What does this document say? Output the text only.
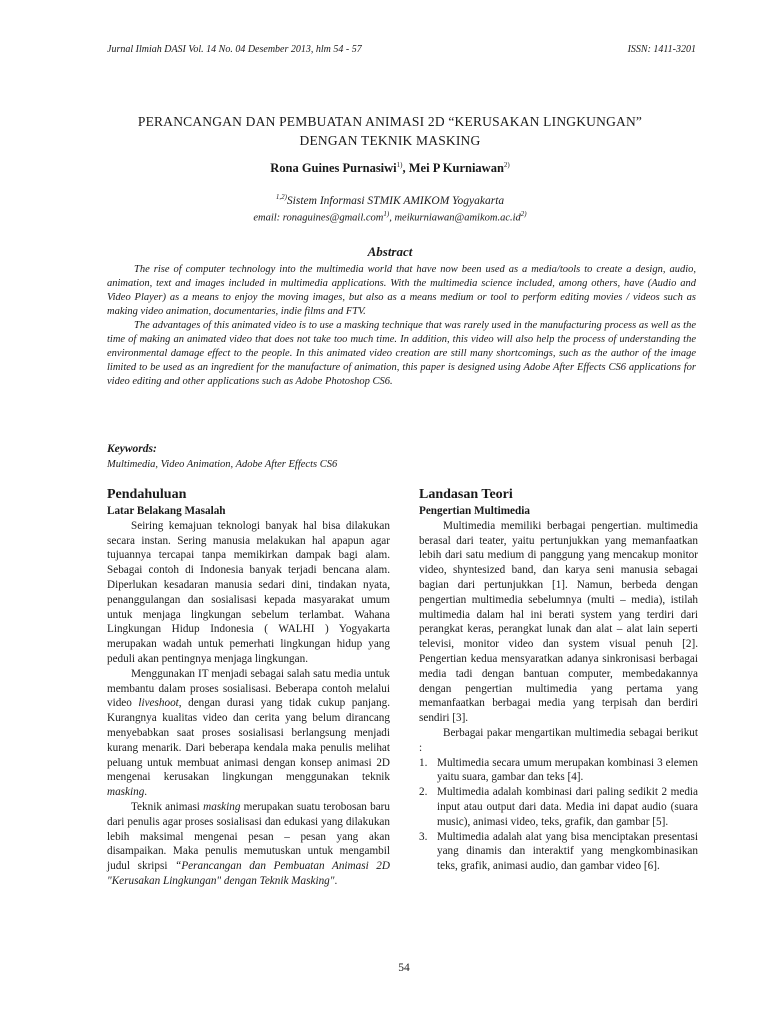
Jurnal Ilmiah DASI Vol. 14 No. 04 Desember 2013, hlm 54 - 57	ISSN: 1411-3201
PERANCANGAN DAN PEMBUATAN ANIMASI 2D “KERUSAKAN LINGKUNGAN”
DENGAN TEKNIK MASKING
Rona Guines Purnasiwi$^{1)}$, Mei P Kurniawan$^{2)}$
$^{1,2)}$Sistem Informasi STMIK AMIKOM Yogyakarta
email: ronaguines@gmail.com$^{1)}$, $meikurniawan@amikom.ac.id^{2)}$
Abstract

The rise of computer technology into the multimedia world that have now been used as a media/tools to create a design, audio, animation, text and images included in multimedia applications. With the multimedia science included, among others, have (Audio and Video Player) as a means to enjoy the moving images, but also as a means medium or tool to perform editing movies / videos such as making video animation, documentaries, indie films and FTV.

The advantages of this animated video is to use a masking technique that was rarely used in the manufacturing process as well as the time of making an animated video that does not take too much time. In addition, this video will also help the process of understanding the environmental damage effect to the people. In this animated video creation are still many shortcomings, such as the author of the image limited to be used as an ingredient for the manufacture of animation, this paper is designed using Adobe After Effects CS6 applications for video editing and other applications such as Adobe Photoshop CS6.

Keywords:
Multimedia, Video Animation, Adobe After Effects CS6
Pendahuluan
Latar Belakang Masalah

Seiring kemajuan teknologi banyak hal bisa dilakukan secara instan. Sering manusia melakukan hal apapun agar tujuannya tercapai tanpa memikirkan dampak bagi alam. Sebagai contoh di Indonesia banyak terjadi bencana alam. Diperlukan kesadaran manusia sedari dini, tindakan nyata, penanggulangan dan sosialisasi kepada masyarakat umum untuk menjaga lingkungan sebelum terlambat. Wahana Lingkungan Hidup Indonesia ( WALHI ) Yogyakarta merupakan wadah untuk pemerhati lingkungan hidup yang peduli akan pentingnya menjaga lingkungan.

Menggunakan IT menjadi sebagai salah satu media untuk membantu dalam proses sosialisasi. Beberapa contoh melalui video liveshoot, dengan durasi yang tidak cukup panjang. Kurangnya kualitas video dan cerita yang belum dirancang menyebabkan saat proses sosialisasi berlangsung menjadi kurang menarik. Dari beberapa kendala maka penulis melihat peluang untuk membuat animasi dengan konsep animasi 2D mengenai kerusakan lingkungan menggunakan teknik masking.

Teknik animasi masking merupakan suatu terobosan baru dari penulis agar proses sosialisasi dan edukasi yang dilakukan lebih maksimal mengenai pesan – pesan yang akan disampaikan. Maka penulis memutuskan untuk mengambil judul skripsi “Perancangan dan Pembuatan Animasi 2D "Kerusakan Lingkungan" dengan Teknik Masking".

Landasan Teori
Pengertian Multimedia

Multimedia memiliki berbagai pengertian. multimedia berasal dari teater, yaitu pertunjukkan yang memanfaatkan lebih dari satu medium di panggung yang mencakup monitor video, shyntesized band, dan karya seni manusia sebagai bagian dari pertunjukkan [1]. Namun, berbeda dengan pengertian multimedia sebelumnya (multi – media), istilah multimedia dalam hal ini berati system yang terdiri dari perangkat keras, perangkat lunak dan alat – alat lain seperti televisi, monitor video dan system visual penuh [2]. Pengertian kedua mensyaratkan adanya sinkronisasi berbagai media tadi dengan bantuan computer, membedakannya dengan pengertian multimedia yang pertama yang memanfaatkan berbagai media yang terpisah dan berdiri sendiri [3].

Berbagai pakar mengartikan multimedia sebagai berikut :

1. Multimedia secara umum merupakan kombinasi 3 elemen yaitu suara, gambar dan teks [4].
2. Multimedia adalah kombinasi dari paling sedikit 2 media input atau output dari data. Media ini dapat audio (suara music), animasi video, teks, grafik, dan gambar [5].
3. Multimedia adalah alat yang bisa menciptakan presentasi yang dinamis dan interaktif yang mengkombinasikan teks, grafik, animasi audio, dan gambar video [6].
54
